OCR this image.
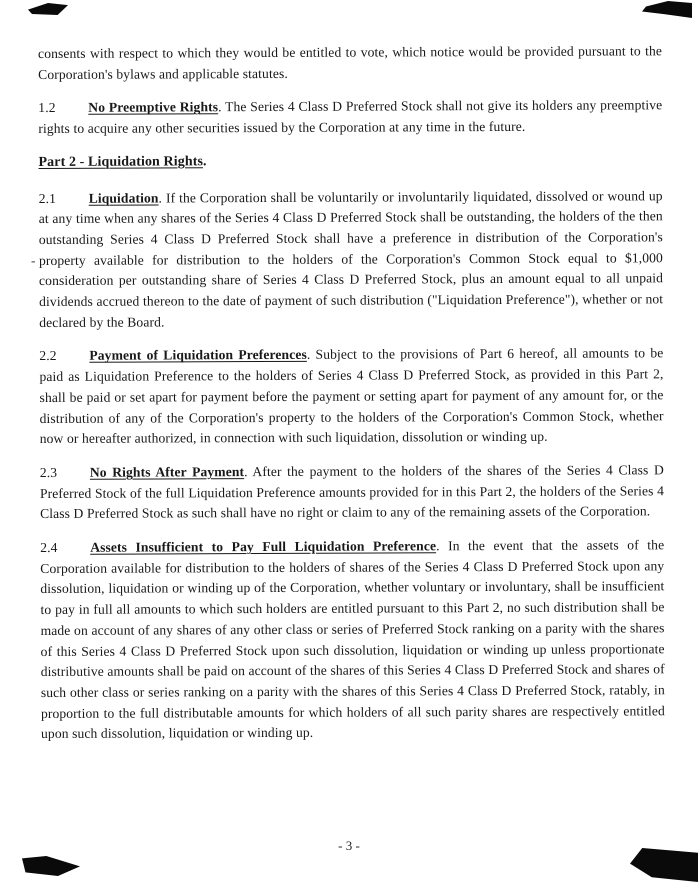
-

consents with respect to which they would be entitled to vote, which notice would be provided pursuant to the Corporation's bylaws and applicable statutes.

1.2 No Preemptive Rights. The Series 4 Class D Preferred Stock shall not give its holders any preemptive rights to acquire any other securities issued by the Corporation at any time in the future.

Part 2 - Liquidation Rights.

2.1 Liquidation. If the Corporation shall be voluntarily or involuntarily liquidated, dissolved or wound up at any time when any shares of the Series 4 Class D Preferred Stock shall be outstanding, the holders of the then outstanding Series 4 Class D Preferred Stock shall have a preference in distribution of the Corporation's property available for distribution to the holders of the Corporation's Common Stock equal to $1,000 consideration per outstanding share of Series 4 Class D Preferred Stock, plus an amount equal to all unpaid dividends accrued thereon to the date of payment of such distribution ("Liquidation Preference"), whether or not declared by the Board.

2.2 Payment of Liquidation Preferences. Subject to the provisions of Part 6 hereof, all amounts to be paid as Liquidation Preference to the holders of Series 4 Class D Preferred Stock, as provided in this Part 2, shall be paid or set apart for payment before the payment or setting apart for payment of any amount for, or the distribution of any of the Corporation's property to the holders of the Corporation's Common Stock, whether now or hereafter authorized, in connection with such liquidation, dissolution or winding up.

2.3 No Rights After Payment. After the payment to the holders of the shares of the Series 4 Class D Preferred Stock of the full Liquidation Preference amounts provided for in this Part 2, the holders of the Series 4 Class D Preferred Stock as such shall have no right or claim to any of the remaining assets of the Corporation.

2.4 Assets Insufficient to Pay Full Liquidation Preference. In the event that the assets of the Corporation available for distribution to the holders of shares of the Series 4 Class D Preferred Stock upon any dissolution, liquidation or winding up of the Corporation, whether voluntary or involuntary, shall be insufficient to pay in full all amounts to which such holders are entitled pursuant to this Part 2, no such distribution shall be made on account of any shares of any other class or series of Preferred Stock ranking on a parity with the shares of this Series 4 Class D Preferred Stock upon such dissolution, liquidation or winding up unless proportionate distributive amounts shall be paid on account of the shares of this Series 4 Class D Preferred Stock and shares of such other class or series ranking on a parity with the shares of this Series 4 Class D Preferred Stock, ratably, in proportion to the full distributable amounts for which holders of all such parity shares are respectively entitled upon such dissolution, liquidation or winding up.

- 3 -
